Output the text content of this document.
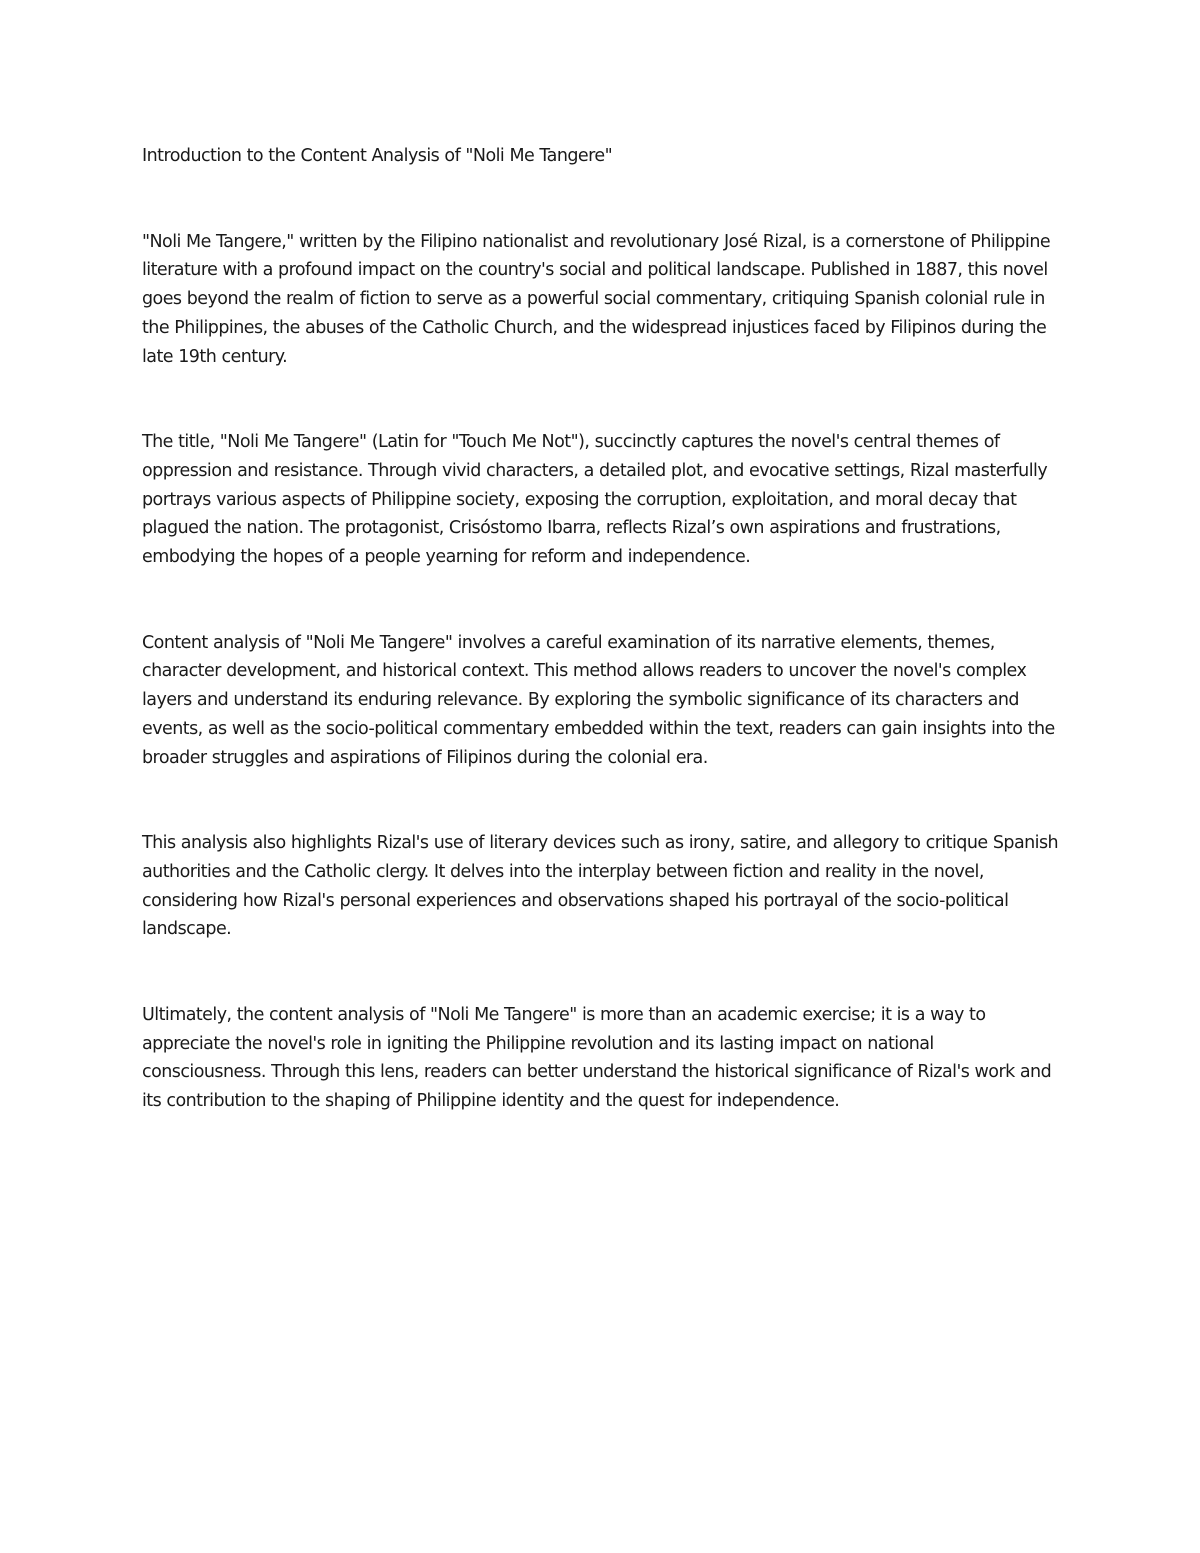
Introduction to the Content Analysis of "Noli Me Tangere"

"Noli Me Tangere," written by the Filipino nationalist and revolutionary José Rizal, is a cornerstone of Philippine literature with a profound impact on the country's social and political landscape. Published in 1887, this novel goes beyond the realm of fiction to serve as a powerful social commentary, critiquing Spanish colonial rule in the Philippines, the abuses of the Catholic Church, and the widespread injustices faced by Filipinos during the late 19th century.

The title, "Noli Me Tangere" (Latin for "Touch Me Not"), succinctly captures the novel's central themes of oppression and resistance. Through vivid characters, a detailed plot, and evocative settings, Rizal masterfully portrays various aspects of Philippine society, exposing the corruption, exploitation, and moral decay that plagued the nation. The protagonist, Crisóstomo Ibarra, reflects Rizal’s own aspirations and frustrations, embodying the hopes of a people yearning for reform and independence.

Content analysis of "Noli Me Tangere" involves a careful examination of its narrative elements, themes, character development, and historical context. This method allows readers to uncover the novel's complex layers and understand its enduring relevance. By exploring the symbolic significance of its characters and events, as well as the socio-political commentary embedded within the text, readers can gain insights into the broader struggles and aspirations of Filipinos during the colonial era.

This analysis also highlights Rizal's use of literary devices such as irony, satire, and allegory to critique Spanish authorities and the Catholic clergy. It delves into the interplay between fiction and reality in the novel, considering how Rizal's personal experiences and observations shaped his portrayal of the socio-political landscape.

Ultimately, the content analysis of "Noli Me Tangere" is more than an academic exercise; it is a way to appreciate the novel's role in igniting the Philippine revolution and its lasting impact on national consciousness. Through this lens, readers can better understand the historical significance of Rizal's work and its contribution to the shaping of Philippine identity and the quest for independence.
